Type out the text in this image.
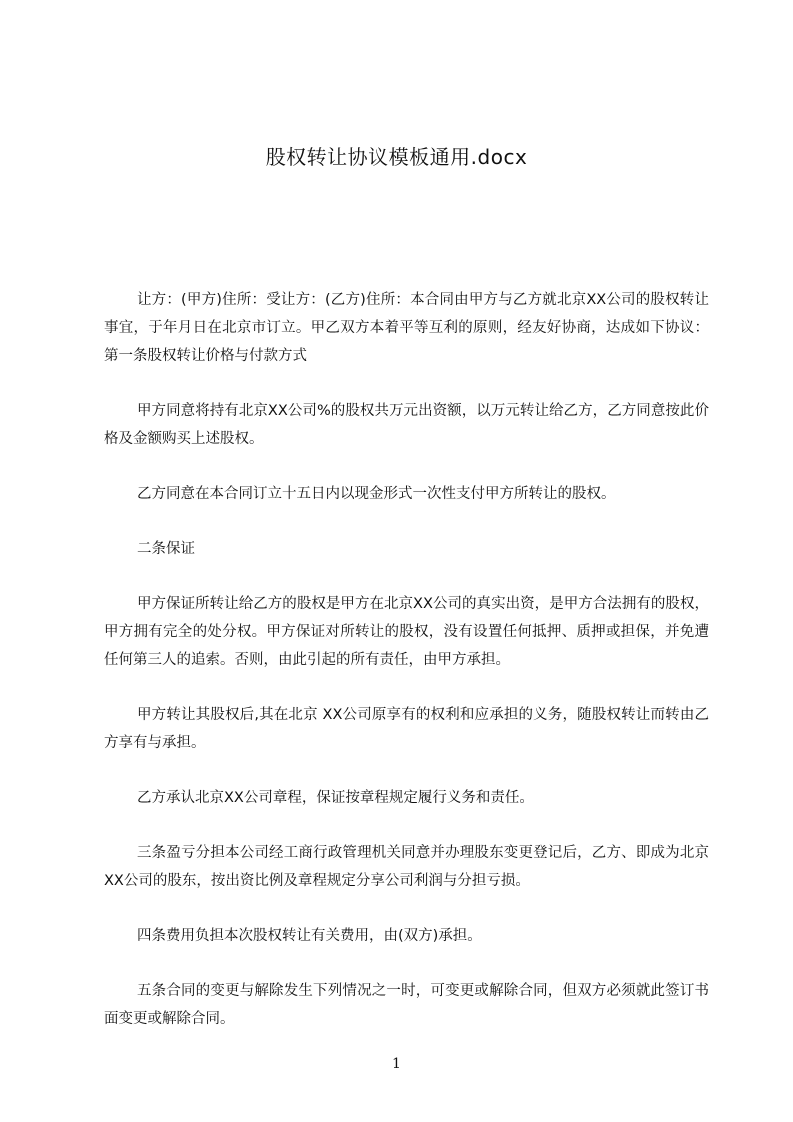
股权转让协议模板通用.docx

让方：(甲方)住所：受让方：(乙方)住所：本合同由甲方与乙方就北京XX公司的股权转让事宜，于年月日在北京市订立。甲乙双方本着平等互利的原则，经友好协商，达成如下协议：第一条股权转让价格与付款方式

甲方同意将持有北京XX公司%的股权共万元出资额，以万元转让给乙方，乙方同意按此价格及金额购买上述股权。

乙方同意在本合同订立十五日内以现金形式一次性支付甲方所转让的股权。

二条保证

甲方保证所转让给乙方的股权是甲方在北京XX公司的真实出资，是甲方合法拥有的股权，甲方拥有完全的处分权。甲方保证对所转让的股权，没有设置任何抵押、质押或担保，并免遭任何第三人的追索。否则，由此引起的所有责任，由甲方承担。

甲方转让其股权后,其在北京 XX公司原享有的权利和应承担的义务，随股权转让而转由乙方享有与承担。

乙方承认北京XX公司章程，保证按章程规定履行义务和责任。

三条盈亏分担本公司经工商行政管理机关同意并办理股东变更登记后，乙方、即成为北京XX公司的股东，按出资比例及章程规定分享公司利润与分担亏损。

四条费用负担本次股权转让有关费用，由(双方)承担。

五条合同的变更与解除发生下列情况之一时，可变更或解除合同，但双方必须就此签订书面变更或解除合同。

1
